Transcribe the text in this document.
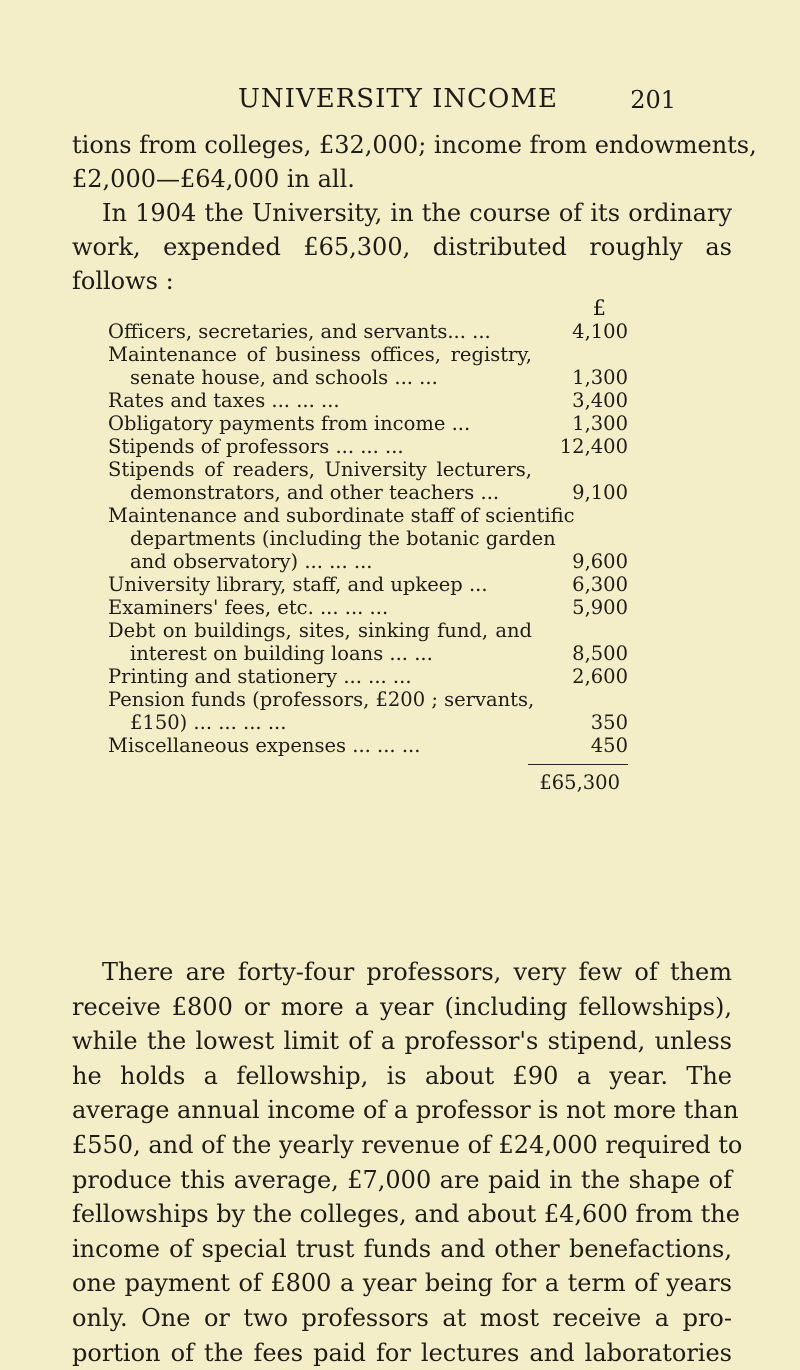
UNIVERSITY INCOME	201
tions from colleges, £32,000; income from endowments,
£2,000—£64,000 in all.
In 1904 the University, in the course of its ordinary
work, expended £65,300, distributed roughly as
follows :
£
Officers, secretaries, and servants... ...	4,100
Maintenance of business offices, registry,
senate house, and schools ... ...	1,300
Rates and taxes ... ... ...	3,400
Obligatory payments from income ...	1,300
Stipends of professors ... ... ...	12,400
Stipends of readers, University lecturers,
demonstrators, and other teachers ...	9,100
Maintenance and subordinate staff of scientific
departments (including the botanic garden
and observatory) ... ... ...	9,600
University library, staff, and upkeep ...	6,300
Examiners' fees, etc. ... ... ...	5,900
Debt on buildings, sites, sinking fund, and
interest on building loans ... ...	8,500
Printing and stationery ... ... ...	2,600
Pension funds (professors, £200 ; servants,
£150) ... ... ... ...	350
Miscellaneous expenses ... ... ...	450
£65,300
There are forty-four professors, very few of them
receive £800 or more a year (including fellowships),
while the lowest limit of a professor's stipend, unless
he holds a fellowship, is about £90 a year. The
average annual income of a professor is not more than
£550, and of the yearly revenue of £24,000 required to
produce this average, £7,000 are paid in the shape of
fellowships by the colleges, and about £4,600 from the
income of special trust funds and other benefactions,
one payment of £800 a year being for a term of years
only. One or two professors at most receive a pro-
portion of the fees paid for lectures and laboratories
